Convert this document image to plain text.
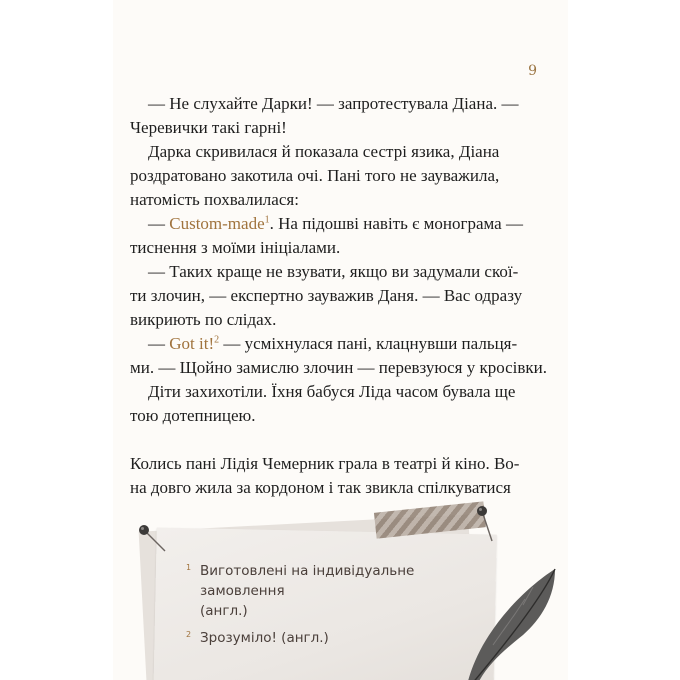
9

— Не слухайте Дарки! — запротестувала Діана. —

Черевички такі гарні!

Дарка скривилася й показала сестрі язика, Діана

роздратовано закотила очі. Пані того не зауважила,

натомість похвалилася:

— Custom-made$^1$. На підошві навіть є монограма —

тиснення з моїми ініціалами.

— Таких краще не взувати, якщо ви задумали скої-

ти злочин, — експертно зауважив Даня. — Вас одразу

викриють по слідах.

— Got it!$^2$ — усміхнулася пані, клацнувши пальця-

ми. — Щойно замислю злочин — перевзуюся у кросівки.

Діти захихотіли. Їхня бабуся Ліда часом бувала ще

тою дотепницею.

Колись пані Лідія Чемерник грала в театрі й кіно. Во-

на довго жила за кордоном і так звикла спілкуватися

1 Виготовлені на індивідуальне замовлення
(англ.)
2 Зрозуміло! (англ.)
